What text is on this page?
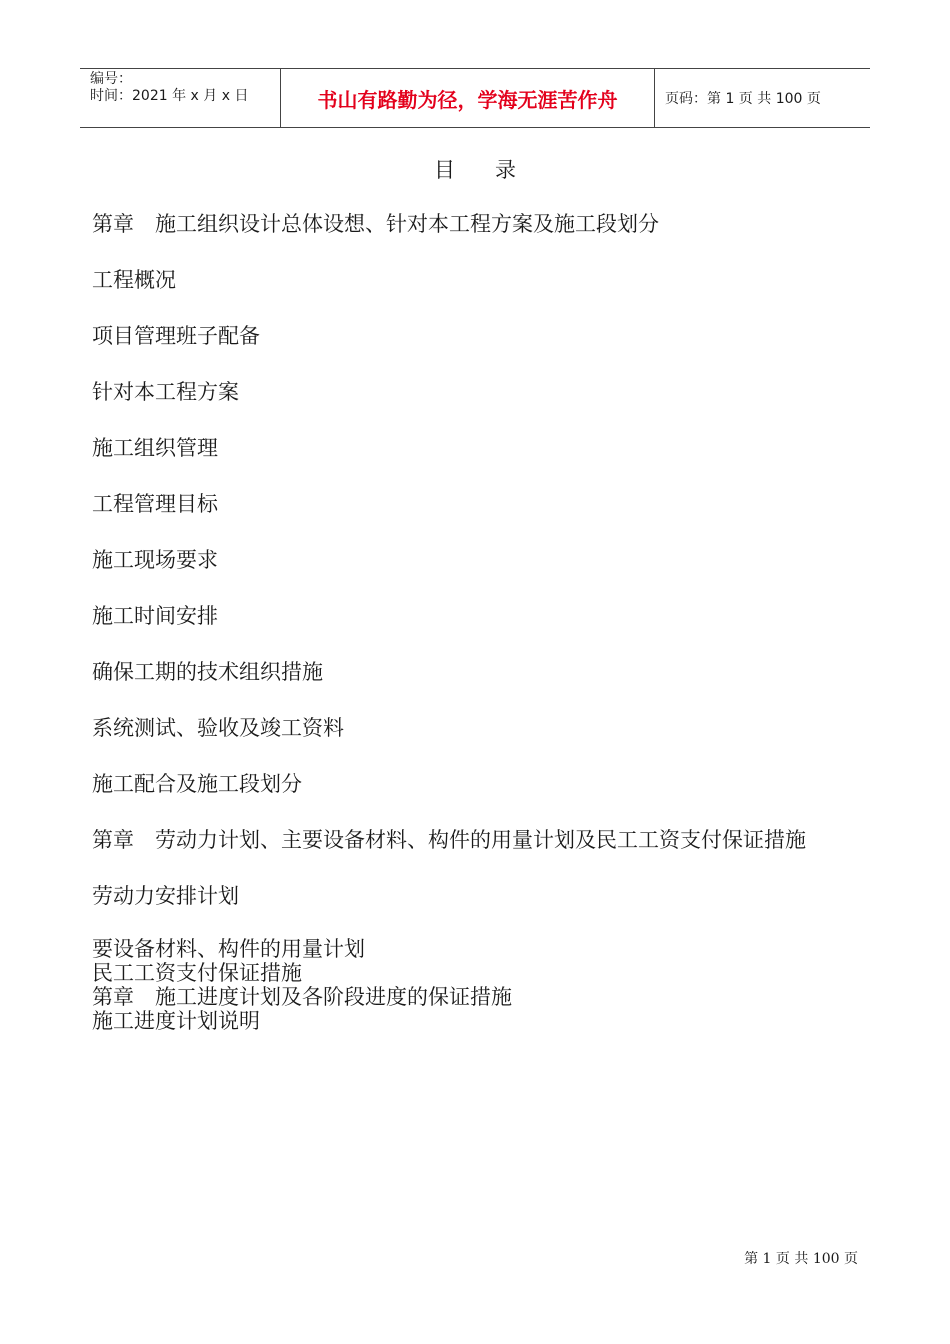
编号：
时间：2021 年 x 月 x 日	书山有路勤为径，学海无涯苦作舟	页码：第 1 页 共 100 页
目录
第章　施工组织设计总体设想、针对本工程方案及施工段划分
工程概况
项目管理班子配备
针对本工程方案
施工组织管理
工程管理目标
施工现场要求
施工时间安排
确保工期的技术组织措施
系统测试、验收及竣工资料
施工配合及施工段划分
第章　劳动力计划、主要设备材料、构件的用量计划及民工工资支付保证措施
劳动力安排计划
要设备材料、构件的用量计划
民工工资支付保证措施
第章　施工进度计划及各阶段进度的保证措施
施工进度计划说明
第 1 页 共 100 页
